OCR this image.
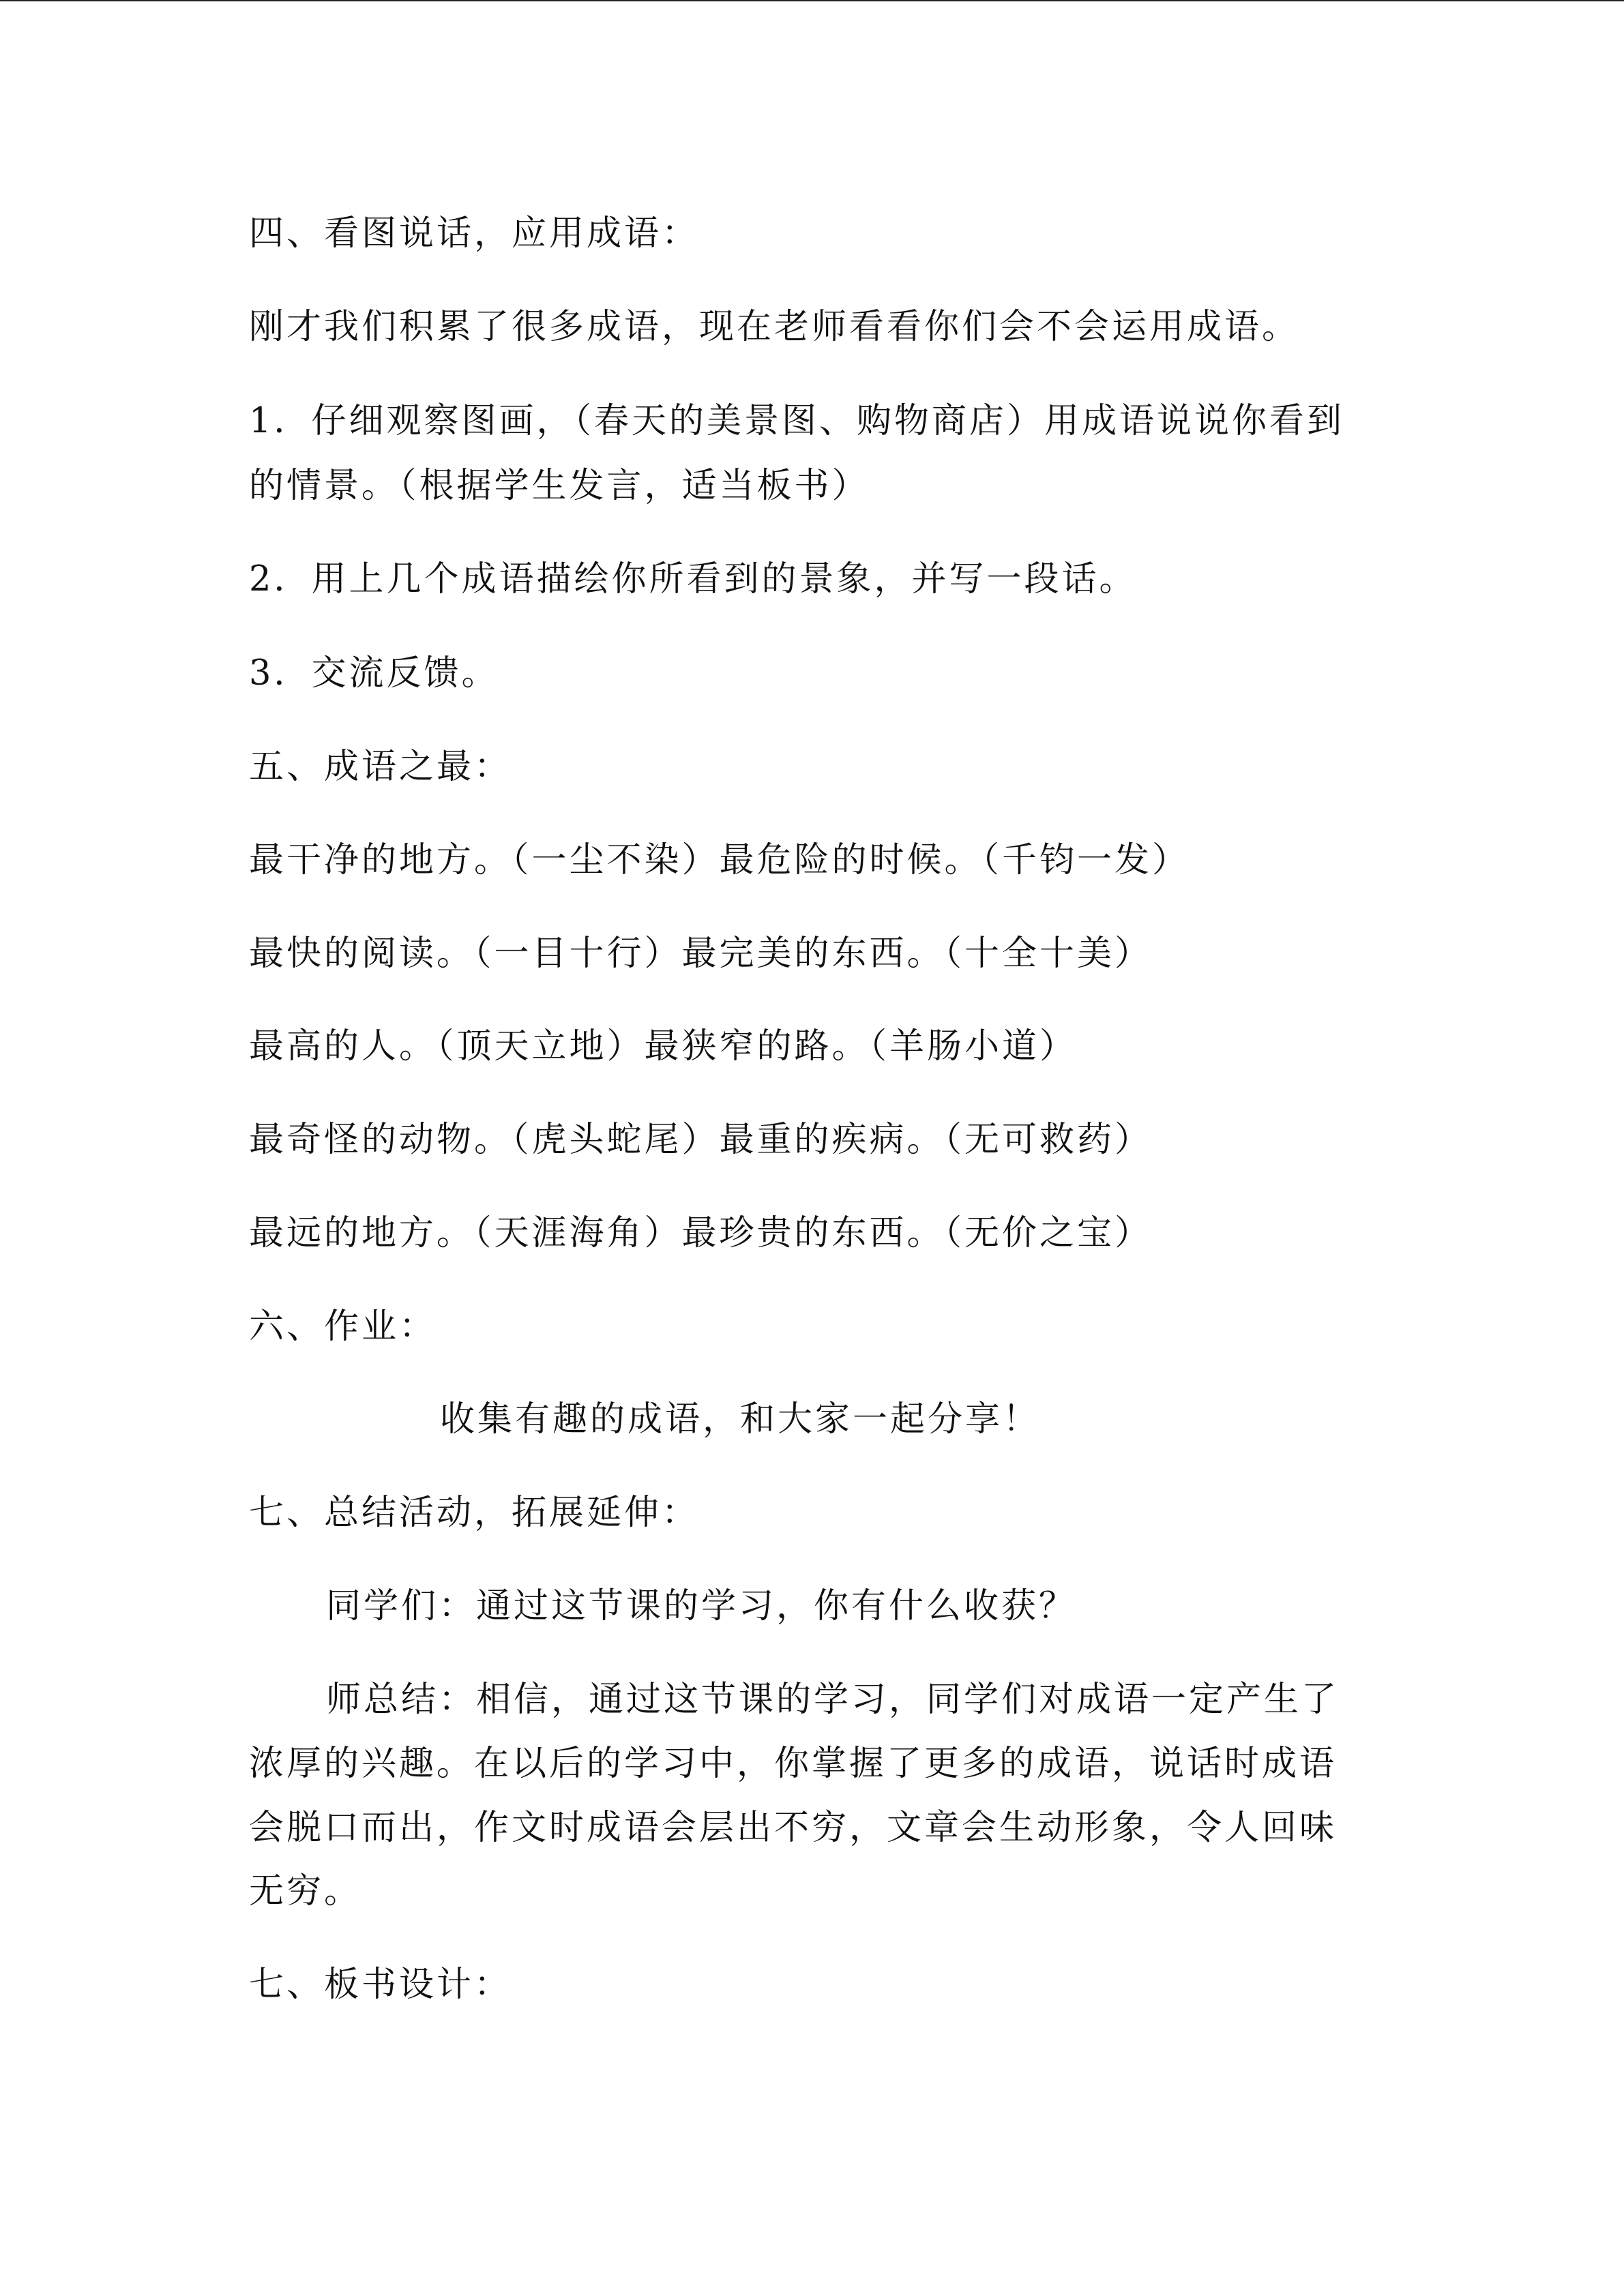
四、看图说话，应用成语：
刚才我们积累了很多成语，现在老师看看你们会不会运用成语。
1．仔细观察图画，（春天的美景图、购物商店）用成语说说你看到
的情景。（根据学生发言，适当板书）
2．用上几个成语描绘你所看到的景象，并写一段话。
3．交流反馈。
五、成语之最：
最干净的地方。（一尘不染）最危险的时候。（千钧一发）
最快的阅读。（一目十行）最完美的东西。（十全十美）
最高的人。（顶天立地）最狭窄的路。（羊肠小道）
最奇怪的动物。（虎头蛇尾）最重的疾病。（无可救药）
最远的地方。（天涯海角）最珍贵的东西。（无价之宝）
六、作业：
收集有趣的成语，和大家一起分享！
七、总结活动，拓展延伸：
同学们：通过这节课的学习，你有什么收获？
师总结：相信，通过这节课的学习，同学们对成语一定产生了
浓厚的兴趣。在以后的学习中，你掌握了更多的成语，说话时成语
会脱口而出，作文时成语会层出不穷，文章会生动形象，令人回味
无穷。
七、板书设计：
